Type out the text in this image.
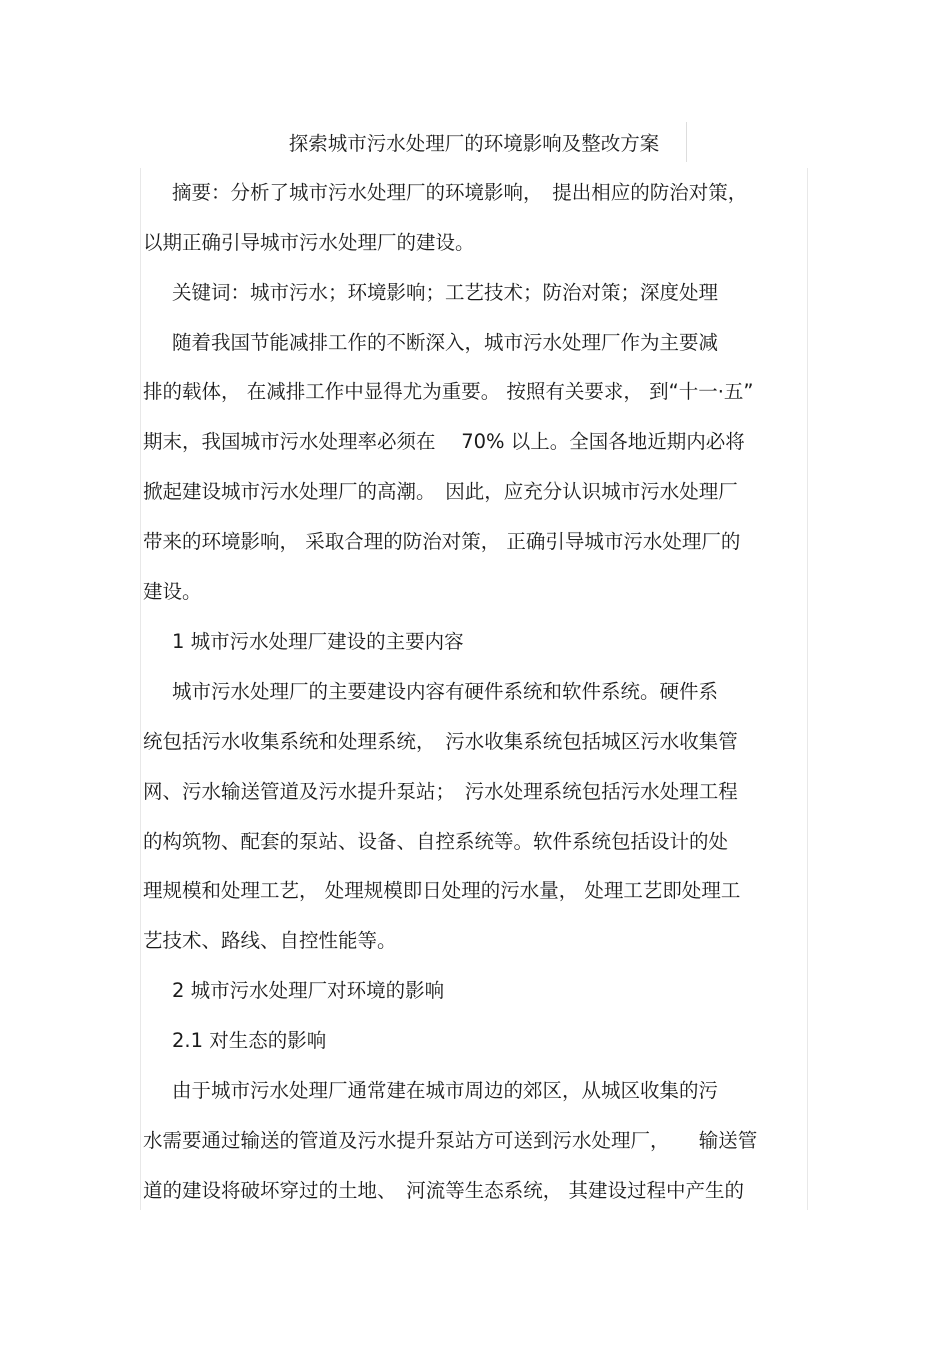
探索城市污水处理厂的环境影响及整改方案
摘要：分析了城市污水处理厂的环境影响，　提出相应的防治对策，
以期正确引导城市污水处理厂的建设。
关键词：城市污水；环境影响；工艺技术；防治对策；深度处理
随着我国节能减排工作的不断深入，城市污水处理厂作为主要减
排的载体， 在减排工作中显得尤为重要。 按照有关要求， 到“十一·五”
期末，我国城市污水处理率必须在　 70% 以上。全国各地近期内必将
掀起建设城市污水处理厂的高潮。　因此，应充分认识城市污水处理厂
带来的环境影响， 采取合理的防治对策， 正确引导城市污水处理厂的
建设。
1 城市污水处理厂建设的主要内容
城市污水处理厂的主要建设内容有硬件系统和软件系统。硬件系
统包括污水收集系统和处理系统，　污水收集系统包括城区污水收集管
网、污水输送管道及污水提升泵站；　污水处理系统包括污水处理工程
的构筑物、配套的泵站、设备、自控系统等。软件系统包括设计的处
理规模和处理工艺， 处理规模即日处理的污水量， 处理工艺即处理工
艺技术、路线、自控性能等。
2 城市污水处理厂对环境的影响
2.1 对生态的影响
由于城市污水处理厂通常建在城市周边的郊区，从城区收集的污
水需要通过输送的管道及污水提升泵站方可送到污水处理厂，　　输送管
道的建设将破坏穿过的土地、　河流等生态系统， 其建设过程中产生的
